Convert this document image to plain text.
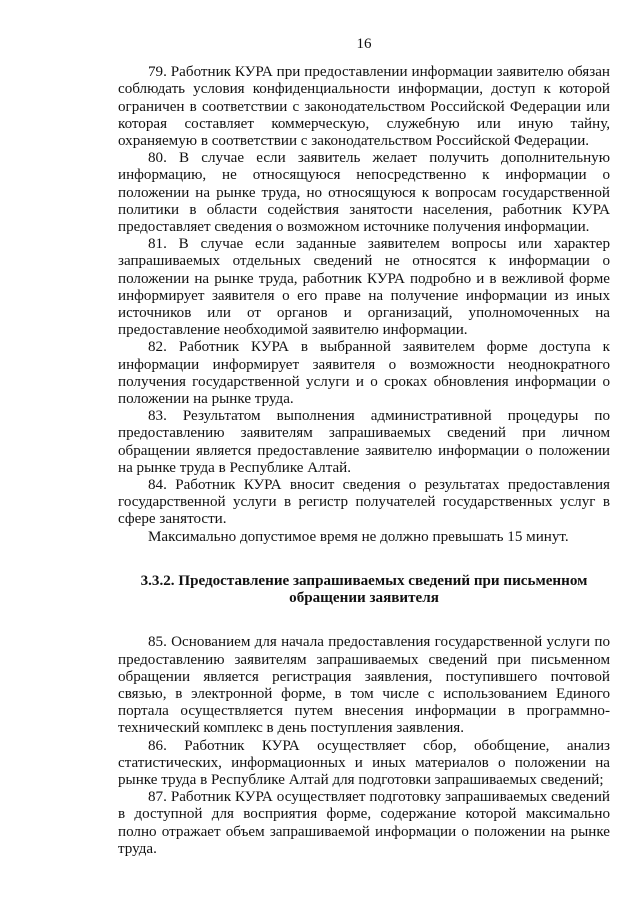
16

79. Работник КУРА при предоставлении информации заявителю обязан соблюдать условия конфиденциальности информации, доступ к которой ограничен в соответствии с законодательством Российской Федерации или которая составляет коммерческую, служебную или иную тайну, охраняемую в соответствии с законодательством Российской Федерации.

80. В случае если заявитель желает получить дополнительную информацию, не относящуюся непосредственно к информации о положении на рынке труда, но относящуюся к вопросам государственной политики в области содействия занятости населения, работник КУРА предоставляет сведения о возможном источнике получения информации.

81. В случае если заданные заявителем вопросы или характер запрашиваемых отдельных сведений не относятся к информации о положении на рынке труда, работник КУРА подробно и в вежливой форме информирует заявителя о его праве на получение информации из иных источников или от органов и организаций, уполномоченных на предоставление необходимой заявителю информации.

82. Работник КУРА в выбранной заявителем форме доступа к информации информирует заявителя о возможности неоднократного получения государственной услуги и о сроках обновления информации о положении на рынке труда.

83. Результатом выполнения административной процедуры по предоставлению заявителям запрашиваемых сведений при личном обращении является предоставление заявителю информации о положении на рынке труда в Республике Алтай.

84. Работник КУРА вносит сведения о результатах предоставления государственной услуги в регистр получателей государственных услуг в сфере занятости.

Максимально допустимое время не должно превышать 15 минут.

3.3.2. Предоставление запрашиваемых сведений при письменном обращении заявителя

85. Основанием для начала предоставления государственной услуги по предоставлению заявителям запрашиваемых сведений при письменном обращении является регистрация заявления, поступившего почтовой связью, в электронной форме, в том числе с использованием Единого портала осуществляется путем внесения информации в программно-технический комплекс в день поступления заявления.

86. Работник КУРА осуществляет сбор, обобщение, анализ статистических, информационных и иных материалов о положении на рынке труда в Республике Алтай для подготовки запрашиваемых сведений;

87. Работник КУРА осуществляет подготовку запрашиваемых сведений в доступной для восприятия форме, содержание которой максимально полно отражает объем запрашиваемой информации о положении на рынке труда.
